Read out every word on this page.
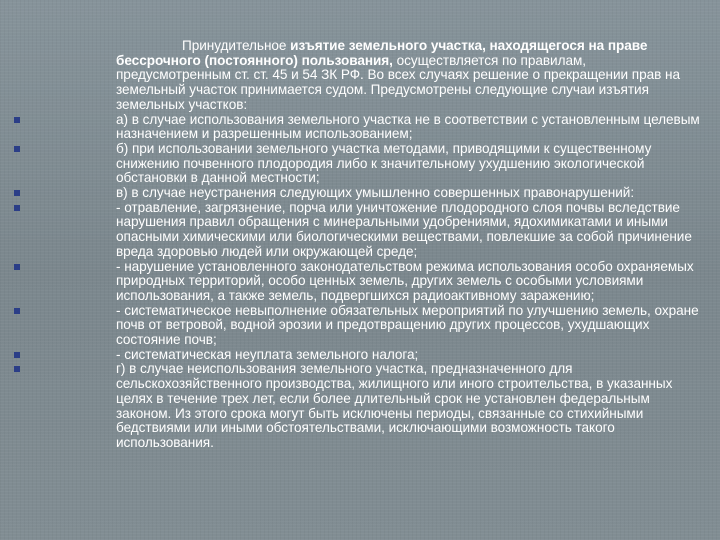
Принудительное изъятие земельного участка, находящегося на праве бессрочного (постоянного) пользования, осуществляется по правилам, предусмотренным ст. ст. 45 и 54 ЗК РФ. Во всех случаях решение о прекращении прав на земельный участок принимается судом. Предусмотрены следующие случаи изъятия земельных участков:

а) в случае использования земельного участка не в соответствии с установленным целевым назначением и разрешенным использованием;
б) при использовании земельного участка методами, приводящими к существенному снижению почвенного плодородия либо к значительному ухудшению экологической обстановки в данной местности;
в) в случае неустранения следующих умышленно совершенных правонарушений:
- отравление, загрязнение, порча или уничтожение плодородного слоя почвы вследствие нарушения правил обращения с минеральными удобрениями, ядохимикатами и иными опасными химическими или биологическими веществами, повлекшие за собой причинение вреда здоровью людей или окружающей среде;
- нарушение установленного законодательством режима использования особо охраняемых природных территорий, особо ценных земель, других земель с особыми условиями использования, а также земель, подвергшихся радиоактивному заражению;
- систематическое невыполнение обязательных мероприятий по улучшению земель, охране почв от ветровой, водной эрозии и предотвращению других процессов, ухудшающих состояние почв;
- систематическая неуплата земельного налога;
г) в случае неиспользования земельного участка, предназначенного для сельскохозяйственного производства, жилищного или иного строительства, в указанных целях в течение трех лет, если более длительный срок не установлен федеральным законом. Из этого срока могут быть исключены периоды, связанные со стихийными бедствиями или иными обстоятельствами, исключающими возможность такого использования.
